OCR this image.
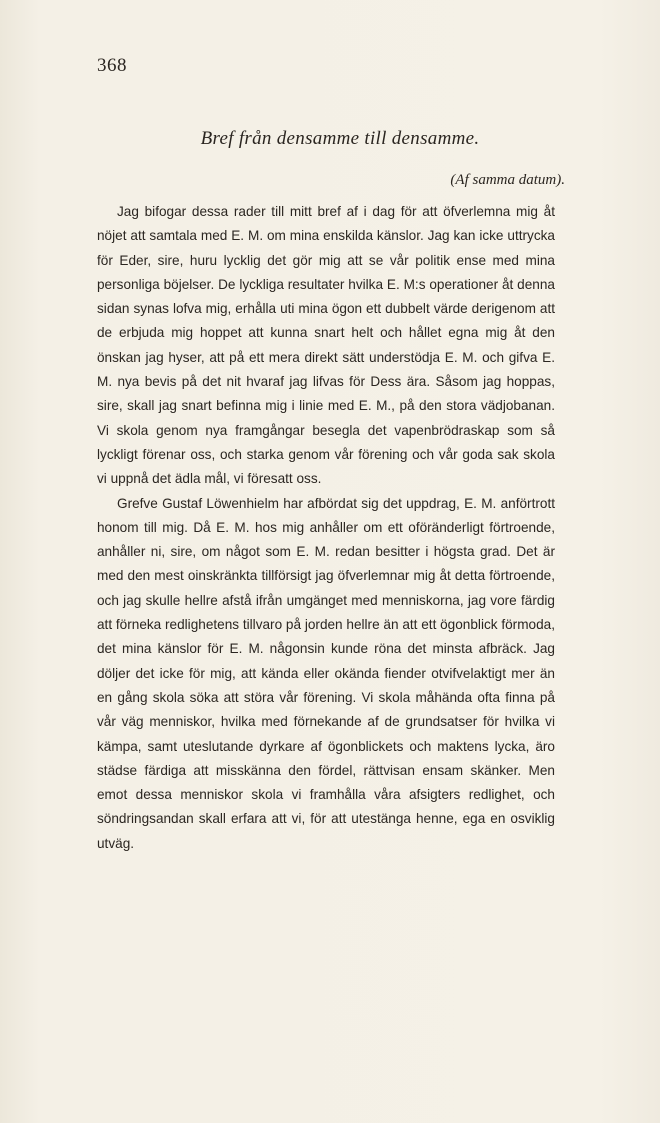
368
Bref från densamme till densamme.
(Af samma datum).

Jag bifogar dessa rader till mitt bref af i dag för att öfverlemna mig åt nöjet att samtala med E. M. om mina enskilda känslor. Jag kan icke uttrycka för Eder, sire, huru lycklig det gör mig att se vår politik ense med mina personliga böjelser. De lyckliga resultater hvilka E. M:s operationer åt denna sidan synas lofva mig, erhålla uti mina ögon ett dubbelt värde derigenom att de erbjuda mig hoppet att kunna snart helt och hållet egna mig åt den önskan jag hyser, att på ett mera direkt sätt understödja E. M. och gifva E. M. nya bevis på det nit hvaraf jag lifvas för Dess ära. Såsom jag hoppas, sire, skall jag snart befinna mig i linie med E. M., på den stora vädjobanan. Vi skola genom nya framgångar besegla det vapenbrödraskap som så lyckligt förenar oss, och starka genom vår förening och vår goda sak skola vi uppnå det ädla mål, vi föresatt oss.

Grefve Gustaf Löwenhielm har afbördat sig det uppdrag, E. M. anförtrott honom till mig. Då E. M. hos mig anhåller om ett oföränderligt förtroende, anhåller ni, sire, om något som E. M. redan besitter i högsta grad. Det är med den mest oinskränkta tillförsigt jag öfverlemnar mig åt detta förtroende, och jag skulle hellre afstå ifrån umgänget med menniskorna, jag vore färdig att förneka redlighetens tillvaro på jorden hellre än att ett ögonblick förmoda, det mina känslor för E. M. någonsin kunde röna det minsta afbräck. Jag döljer det icke för mig, att kända eller okända fiender otvifvelaktigt mer än en gång skola söka att störa vår förening. Vi skola måhända ofta finna på vår väg menniskor, hvilka med förnekande af de grundsatser för hvilka vi kämpa, samt uteslutande dyrkare af ögonblickets och maktens lycka, äro städse färdiga att misskänna den fördel, rättvisan ensam skänker. Men emot dessa menniskor skola vi framhålla våra afsigters redlighet, och söndringsandan skall erfara att vi, för att utestänga henne, ega en osviklig utväg.
